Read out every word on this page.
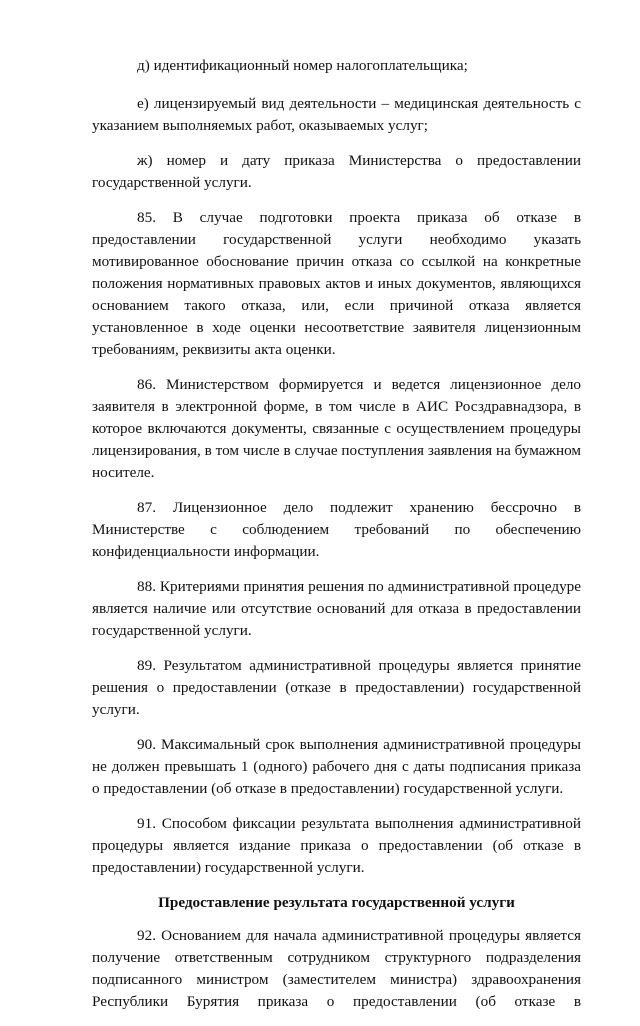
д) идентификационный номер налогоплательщика;

е) лицензируемый вид деятельности – медицинская деятельность с указанием выполняемых работ, оказываемых услуг;

ж) номер и дату приказа Министерства о предоставлении государственной услуги.

85. В случае подготовки проекта приказа об отказе в предоставлении государственной услуги необходимо указать мотивированное обоснование причин отказа со ссылкой на конкретные положения нормативных правовых актов и иных документов, являющихся основанием такого отказа, или, если причиной отказа является установленное в ходе оценки несоответствие заявителя лицензионным требованиям, реквизиты акта оценки.

86. Министерством формируется и ведется лицензионное дело заявителя в электронной форме, в том числе в АИС Росздравнадзора, в которое включаются документы, связанные с осуществлением процедуры лицензирования, в том числе в случае поступления заявления на бумажном носителе.

87. Лицензионное дело подлежит хранению бессрочно в Министерстве с соблюдением требований по обеспечению конфиденциальности информации.

88. Критериями принятия решения по административной процедуре является наличие или отсутствие оснований для отказа в предоставлении государственной услуги.

89. Результатом административной процедуры является принятие решения о предоставлении (отказе в предоставлении) государственной услуги.

90. Максимальный срок выполнения административной процедуры не должен превышать 1 (одного) рабочего дня с даты подписания приказа о предоставлении (об отказе в предоставлении) государственной услуги.

91. Способом фиксации результата выполнения административной процедуры является издание приказа о предоставлении (об отказе в предоставлении) государственной услуги.

Предоставление результата государственной услуги

92. Основанием для начала административной процедуры является получение ответственным сотрудником структурного подразделения подписанного министром (заместителем министра) здравоохранения Республики Бурятия приказа о предоставлении (об отказе в
